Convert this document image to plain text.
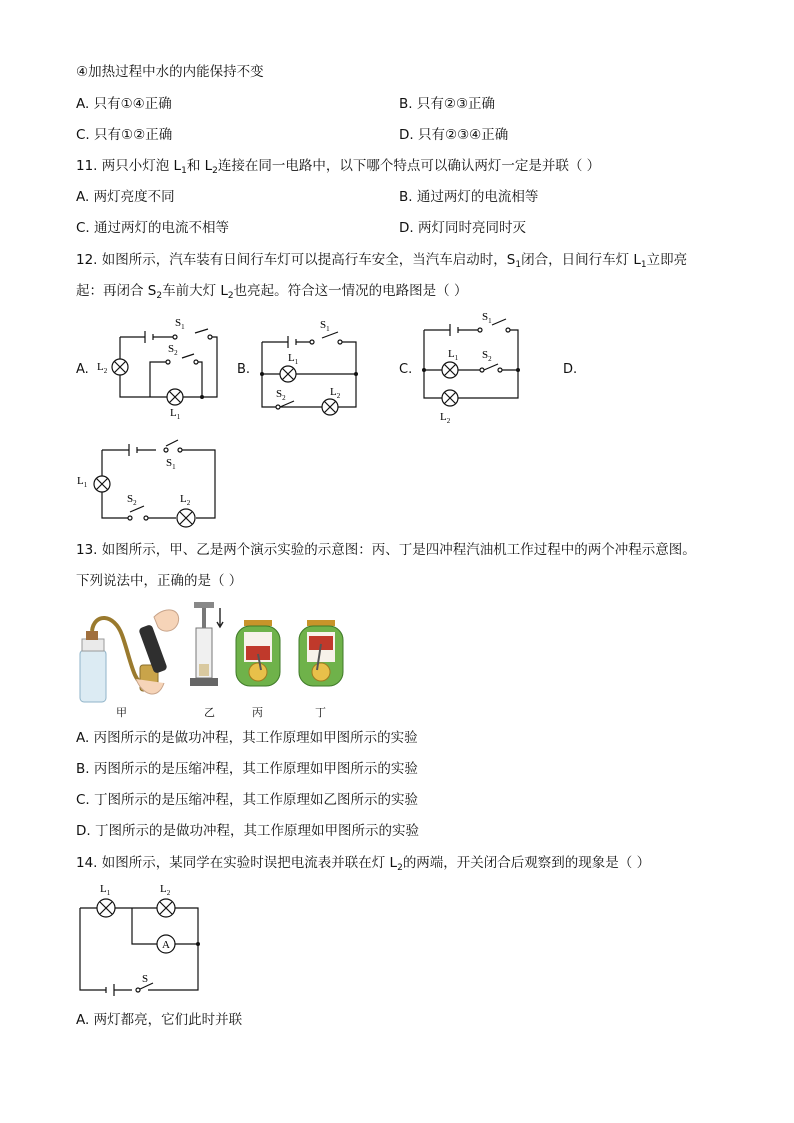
④加热过程中水的内能保持不变
A. 只有①④正确	B. 只有②③正确
C. 只有①②正确	D. 只有②③④正确
11. 两只小灯泡 $L_1$和 $L_2$连接在同一电路中，以下哪个特点可以确认两灯一定是并联（ ）
A. 两灯亮度不同	B. 通过两灯的电流相等
C. 通过两灯的电流不相等	D. 两灯同时亮同时灭
12. 如图所示，汽车装有日间行车灯可以提高行车安全，当汽车启动时，$S_1$闭合，日间行车灯 $L_1$立即亮
起：再闭合 $S_2$车前大灯 $L_2$也亮起。符合这一情况的电路图是（ ）
A.	B.	C.	D.
$S_1$
$S_2$
$L_2$
$L_1$
$S_1$
$L_1$
$S_2$	$L_2$
$S_1$
$L_1$ $S_2$
$L_2$
$S_1$
$L_1$
$S_2$	$L_2$
13. 如图所示，甲、乙是两个演示实验的示意图：丙、丁是四冲程汽油机工作过程中的两个冲程示意图。
下列说法中，正确的是（ ）
甲	乙	丙	丁
A. 丙图所示的是做功冲程，其工作原理如甲图所示的实验
B. 丙图所示的是压缩冲程，其工作原理如甲图所示的实验
C. 丁图所示的是压缩冲程，其工作原理如乙图所示的实验
D. 丁图所示的是做功冲程，其工作原理如甲图所示的实验
14. 如图所示，某同学在实验时误把电流表并联在灯 $L_2$的两端，开关闭合后观察到的现象是（ ）
A
$L_1$	$L_2$
S
A. 两灯都亮，它们此时并联
